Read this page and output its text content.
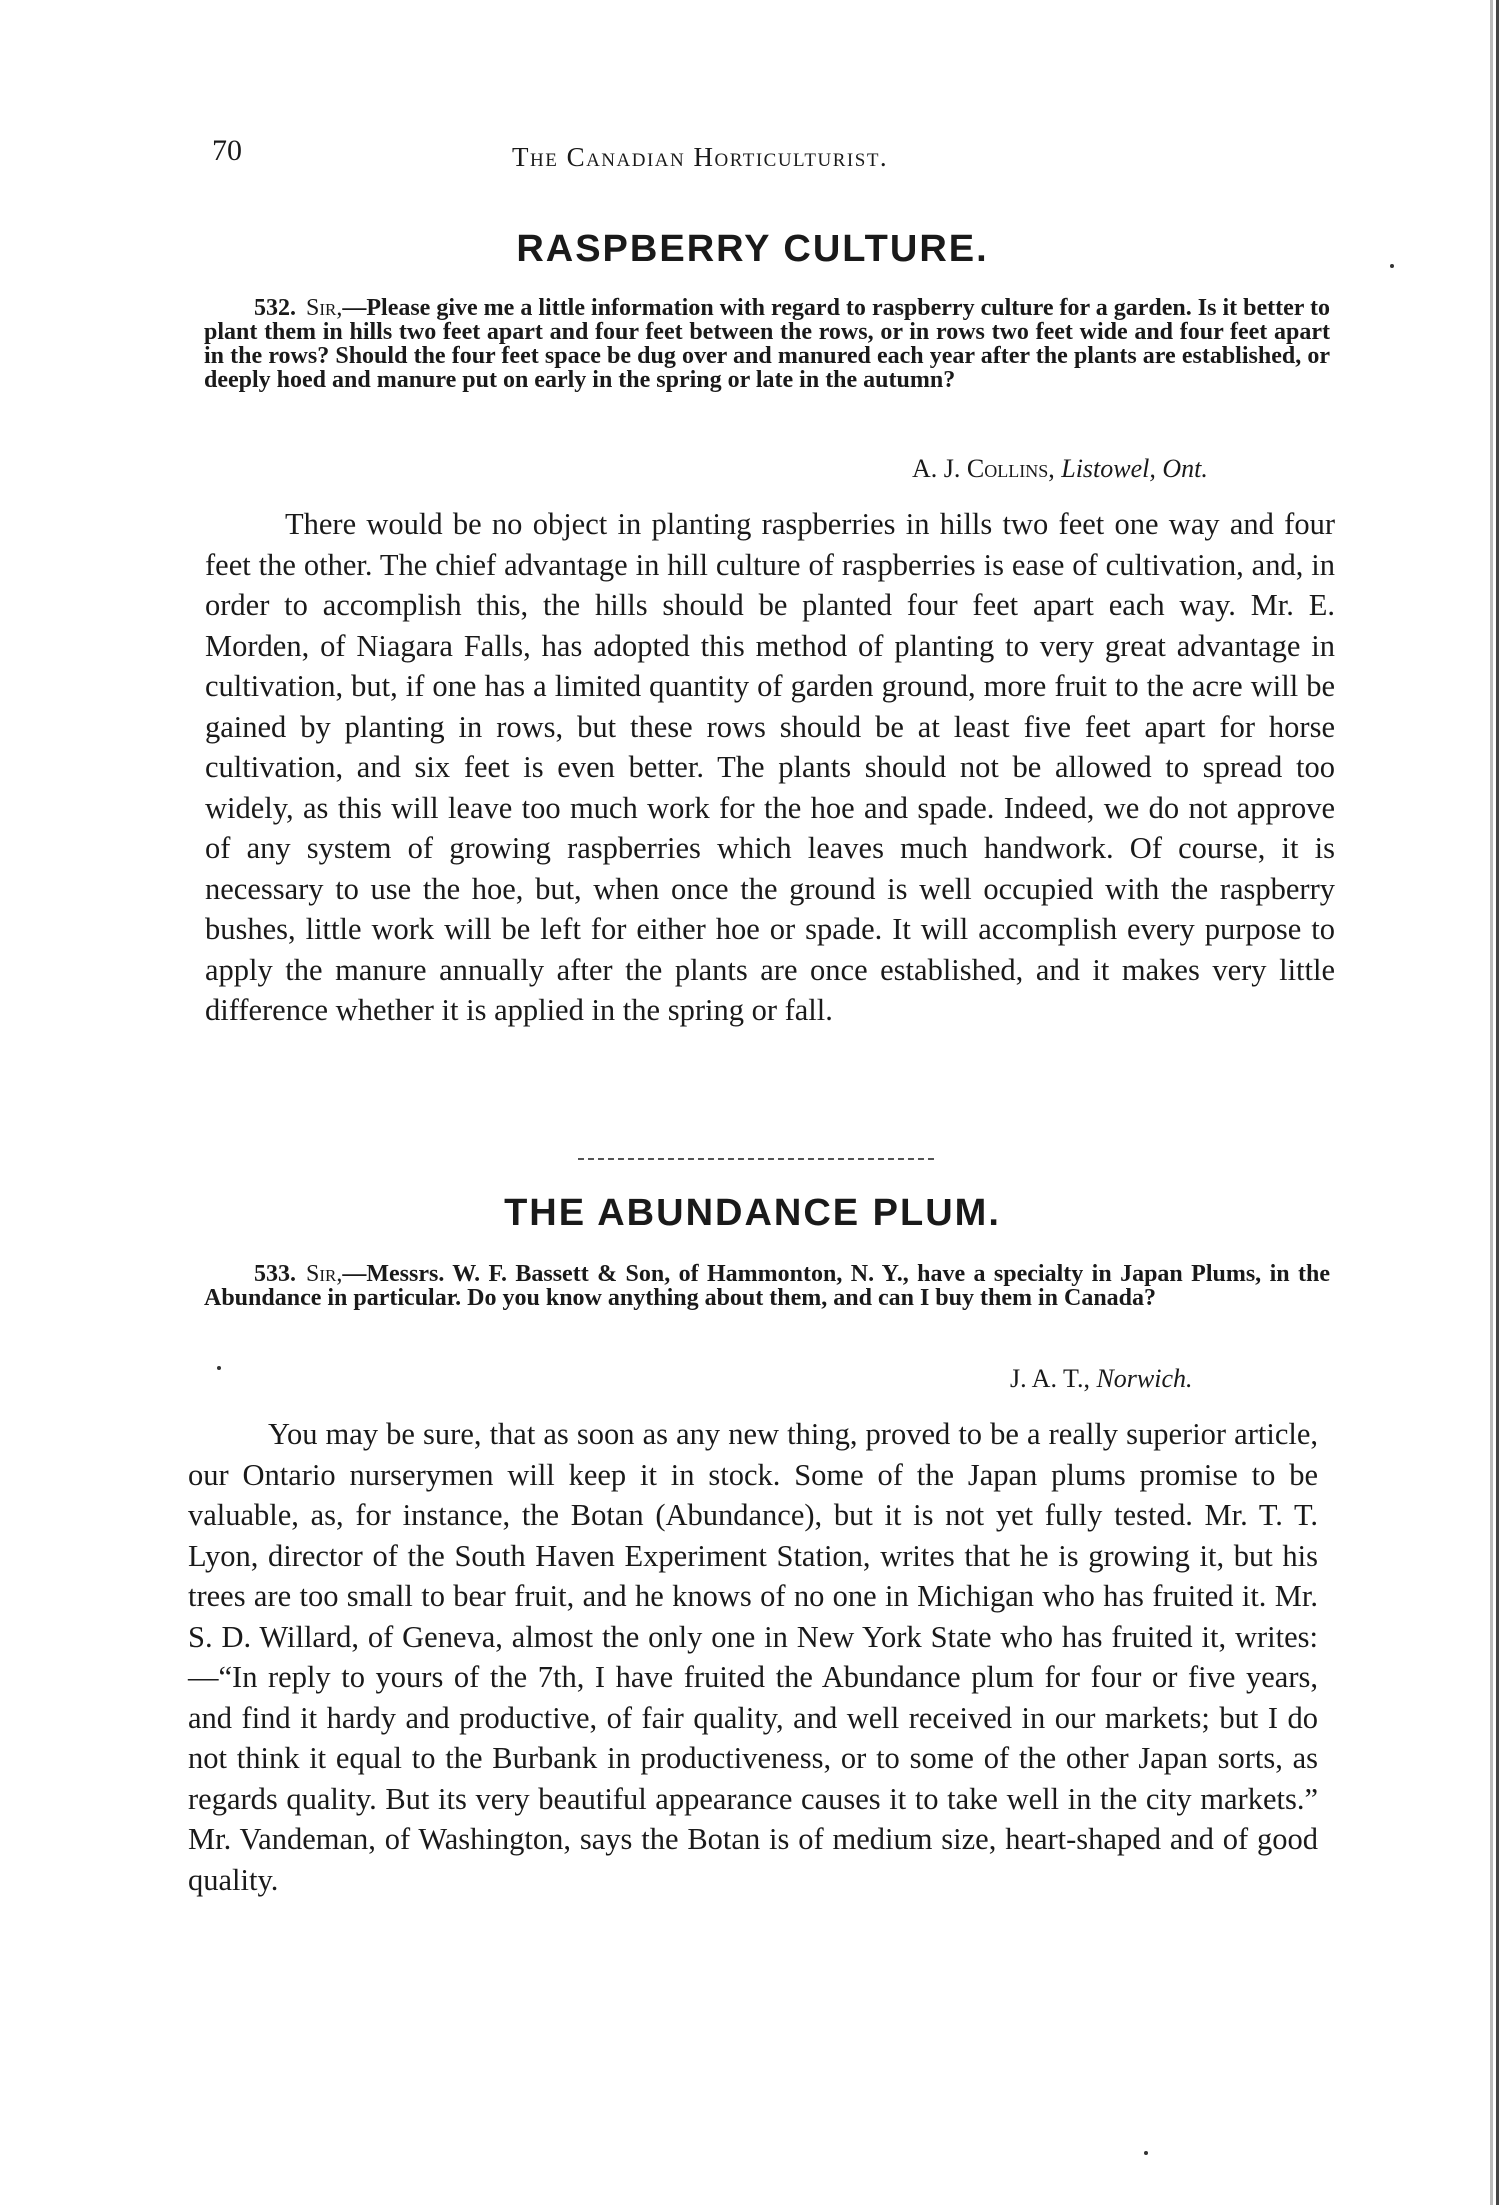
70	The Canadian Horticulturist.
RASPBERRY CULTURE.
532. Sir,—Please give me a little information with regard to raspberry culture for a garden. Is it better to plant them in hills two feet apart and four feet between the rows, or in rows two feet wide and four feet apart in the rows? Should the four feet space be dug over and manured each year after the plants are established, or deeply hoed and manure put on early in the spring or late in the autumn?
A. J. Collins, Listowel, Ont.

There would be no object in planting raspberries in hills two feet one way and four feet the other. The chief advantage in hill culture of raspberries is ease of cultivation, and, in order to accomplish this, the hills should be planted four feet apart each way. Mr. E. Morden, of Niagara Falls, has adopted this method of planting to very great advantage in cultivation, but, if one has a limited quantity of garden ground, more fruit to the acre will be gained by planting in rows, but these rows should be at least five feet apart for horse cultivation, and six feet is even better. The plants should not be allowed to spread too widely, as this will leave too much work for the hoe and spade. Indeed, we do not approve of any system of growing raspberries which leaves much handwork. Of course, it is necessary to use the hoe, but, when once the ground is well occupied with the raspberry bushes, little work will be left for either hoe or spade. It will accomplish every purpose to apply the manure annually after the plants are once established, and it makes very little difference whether it is applied in the spring or fall.

THE ABUNDANCE PLUM.
533. Sir,—Messrs. W. F. Bassett & Son, of Hammonton, N. Y., have a specialty in Japan Plums, in the Abundance in particular. Do you know anything about them, and can I buy them in Canada?
J. A. T., Norwich.

You may be sure, that as soon as any new thing, proved to be a really superior article, our Ontario nurserymen will keep it in stock. Some of the Japan plums promise to be valuable, as, for instance, the Botan (Abundance), but it is not yet fully tested. Mr. T. T. Lyon, director of the South Haven Experiment Station, writes that he is growing it, but his trees are too small to bear fruit, and he knows of no one in Michigan who has fruited it. Mr. S. D. Willard, of Geneva, almost the only one in New York State who has fruited it, writes:—“In reply to yours of the 7th, I have fruited the Abundance plum for four or five years, and find it hardy and productive, of fair quality, and well received in our markets; but I do not think it equal to the Burbank in productiveness, or to some of the other Japan sorts, as regards quality. But its very beautiful appearance causes it to take well in the city markets.” Mr. Vandeman, of Washington, says the Botan is of medium size, heart-shaped and of good quality.
